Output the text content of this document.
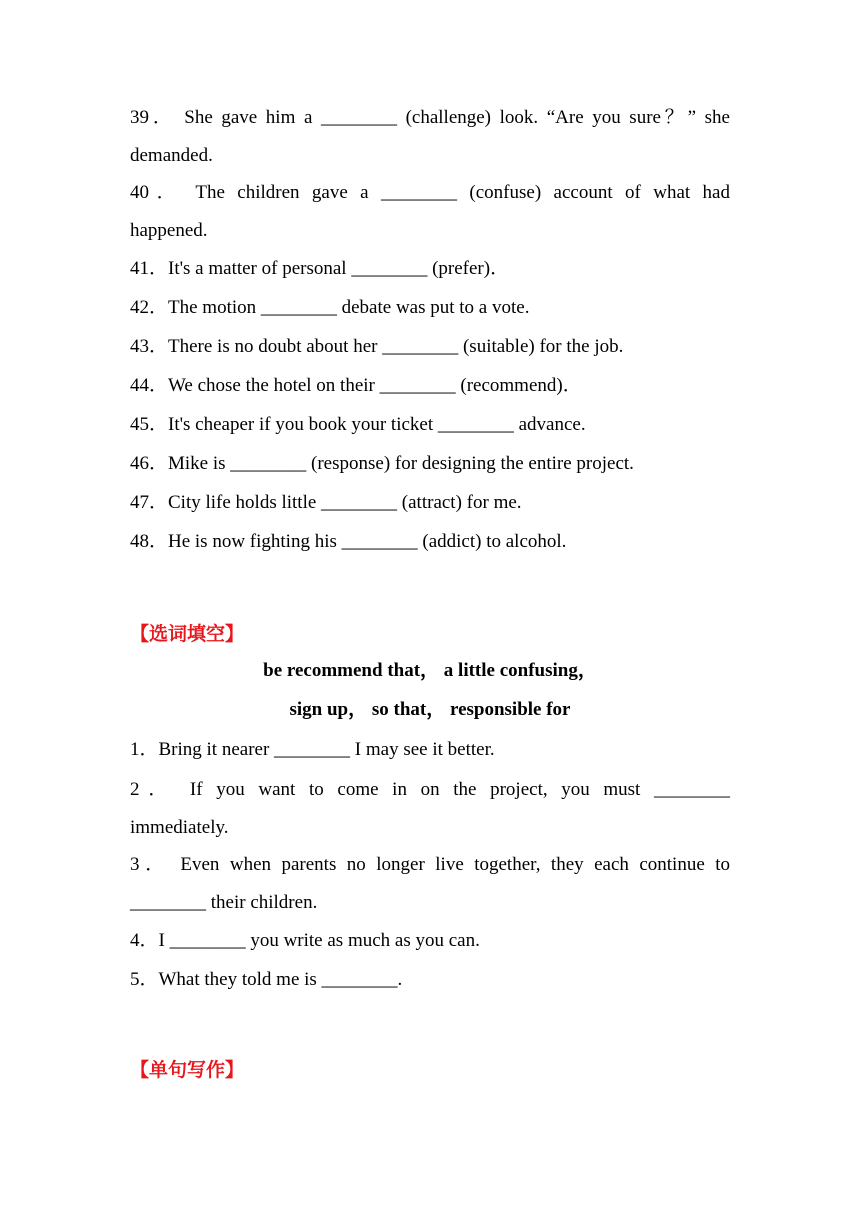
39． She gave him a ________ (challenge) look. “Are you sure？” she
demanded.
40． The children gave a ________ (confuse) account of what had
happened.
41．It's a matter of personal ________ (prefer)．
42．The motion ________ debate was put to a vote.
43．There is no doubt about her ________ (suitable) for the job.
44．We chose the hotel on their ________ (recommend)．
45．It's cheaper if you book your ticket ________ advance.
46．Mike is ________ (response) for designing the entire project.
47．City life holds little ________ (attract) for me.
48．He is now fighting his ________ (addict) to alcohol.
【选词填空】
be recommend that， a little confusing，
sign up， so that， responsible for
1．Bring it nearer ________ I may see it better.
2． If you want to come in on the project, you must ________
immediately.
3． Even when parents no longer live together, they each continue to
________ their children.
4．I ________ you write as much as you can.
5．What they told me is ________.
【单句写作】
